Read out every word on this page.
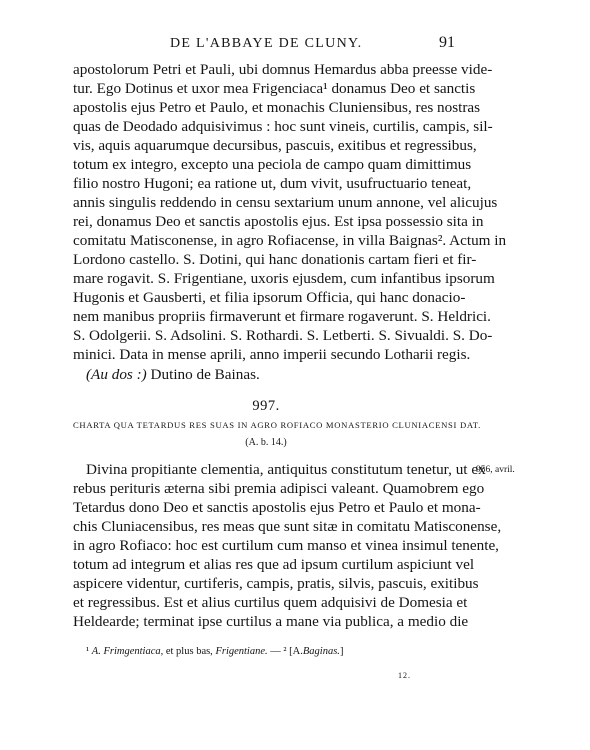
DE L'ABBAYE DE CLUNY.	91
apostolorum Petri et Pauli, ubi domnus Hemardus abba preesse vide-
tur. Ego Dotinus et uxor mea Frigenciaca¹ donamus Deo et sanctis
apostolis ejus Petro et Paulo, et monachis Cluniensibus, res nostras
quas de Deodado adquisivimus : hoc sunt vineis, curtilis, campis, sil-
vis, aquis aquarumque decursibus, pascuis, exitibus et regressibus,
totum ex integro, excepto una peciola de campo quam dimittimus
filio nostro Hugoni; ea ratione ut, dum vivit, usufructuario teneat,
annis singulis reddendo in censu sextarium unum annone, vel alicujus
rei, donamus Deo et sanctis apostolis ejus. Est ipsa possessio sita in
comitatu Matisconense, in agro Rofiacense, in villa Baignas². Actum in
Lordono castello. S. Dotini, qui hanc donationis cartam fieri et fir-
mare rogavit. S. Frigentiane, uxoris ejusdem, cum infantibus ipsorum
Hugonis et Gausberti, et filia ipsorum Officia, qui hanc donacio-
nem manibus propriis firmaverunt et firmare rogaverunt. S. Heldrici.
S. Odolgerii. S. Adsolini. S. Rothardi. S. Letberti. S. Sivualdi. S. Do-
minici. Data in mense aprili, anno imperii secundo Lotharii regis.
(Au dos :) Dutino de Bainas.
997.
CHARTA QUA TETARDUS RES SUAS IN AGRO ROFIACO MONASTERIO CLUNIACENSI DAT.
(A. b. 14.)
956, avril.
Divina propitiante clementia, antiquitus constitutum tenetur, ut ex
rebus perituris æterna sibi premia adipisci valeant. Quamobrem ego
Tetardus dono Deo et sanctis apostolis ejus Petro et Paulo et mona-
chis Cluniacensibus, res meas que sunt sitæ in comitatu Matisconense,
in agro Rofiaco: hoc est curtilum cum manso et vinea insimul tenente,
totum ad integrum et alias res que ad ipsum curtilum aspiciunt vel
aspicere videntur, curtiferis, campis, pratis, silvis, pascuis, exitibus
et regressibus. Est et alius curtilus quem adquisivi de Domesia et
Heldearde; terminat ipse curtilus a mane via publica, a medio die
¹ A. Frimgentiaca, et plus bas, Frigentiane. — ² [A.Baginas.]
12.
